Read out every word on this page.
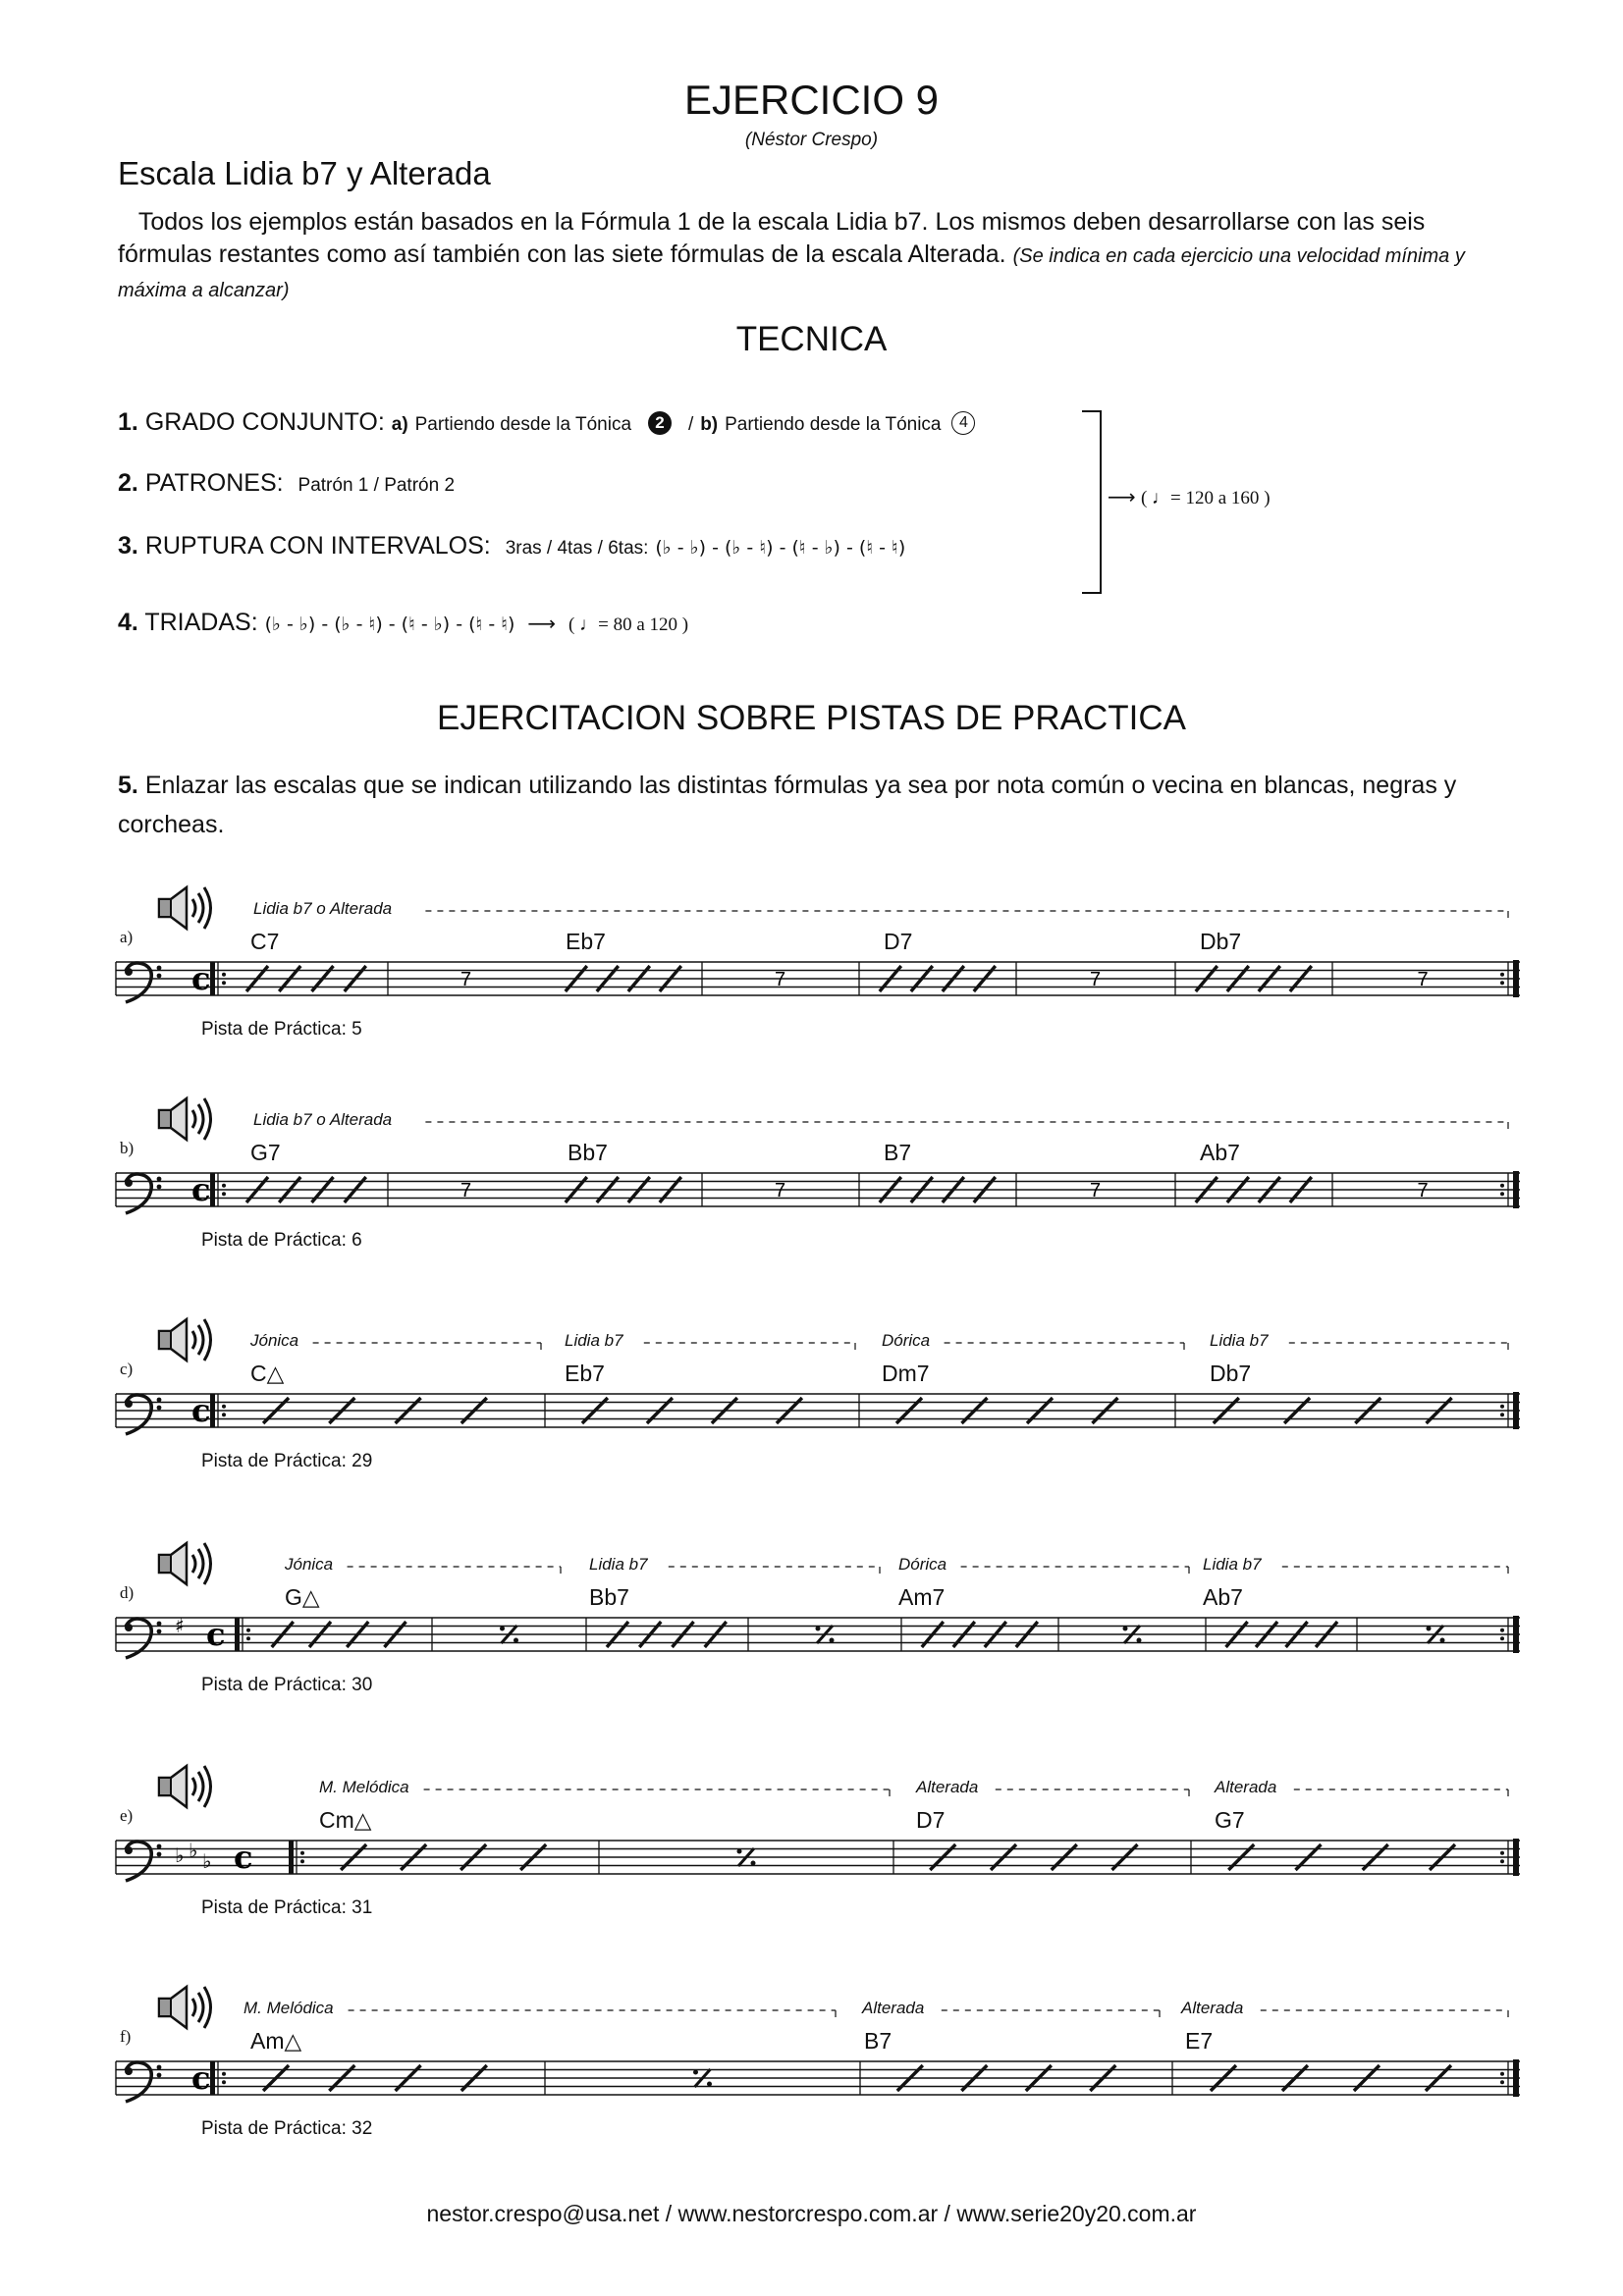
EJERCICIO 9
(Néstor Crespo)
Escala Lidia b7 y Alterada
Todos los ejemplos están basados en la Fórmula 1 de la escala Lidia b7. Los mismos deben desarrollarse con las seis fórmulas restantes como así también con las siete fórmulas de la escala Alterada. (Se indica en cada ejercicio una velocidad mínima y máxima a alcanzar)
TECNICA
1. GRADO CONJUNTO: a) Partiendo desde la Tónica 2 / b) Partiendo desde la Tónica 4
2. PATRONES: Patrón 1 / Patrón 2
3. RUPTURA CON INTERVALOS: 3ras / 4tas / 6tas: (♭ - ♭) - (♭ - ♮) - (♮ - ♭) - (♮ - ♮)
4. TRIADAS: (♭ - ♭) - (♭ - ♮) - (♮ - ♭) - (♮ - ♮) ⟶ ( ♩= 80 a 120 )
⟶ ( ♩= 120 a 160 )
EJERCITACION SOBRE PISTAS DE PRACTICA
5. Enlazar las escalas que se indican utilizando las distintas fórmulas ya sea por nota común o vecina en blancas, negras y corcheas.
c	7	7	7	7
a)
Lidia b7 o Alterada
C7	Eb7	D7	Db7
Pista de Práctica: 5
c	7	7	7	7
b)
Lidia b7 o Alterada
G7	Bb7	B7	Ab7
Pista de Práctica: 6
c
c)
Jónica	Lidia b7	Dórica	Lidia b7
C△	Eb7	Dm7	Db7
Pista de Práctica: 29
♯ c
d)
Jónica	Lidia b7	Dórica	Lidia b7
G△	Bb7	Am7	Ab7
Pista de Práctica: 30
♭ ♭ ♭ c
e)
M. Melódica	Alterada	Alterada
Cm△	D7	G7
Pista de Práctica: 31
c
f)
M. Melódica	Alterada	Alterada
Am△	B7	E7
Pista de Práctica: 32
nestor.crespo@usa.net / www.nestorcrespo.com.ar / www.serie20y20.com.ar
